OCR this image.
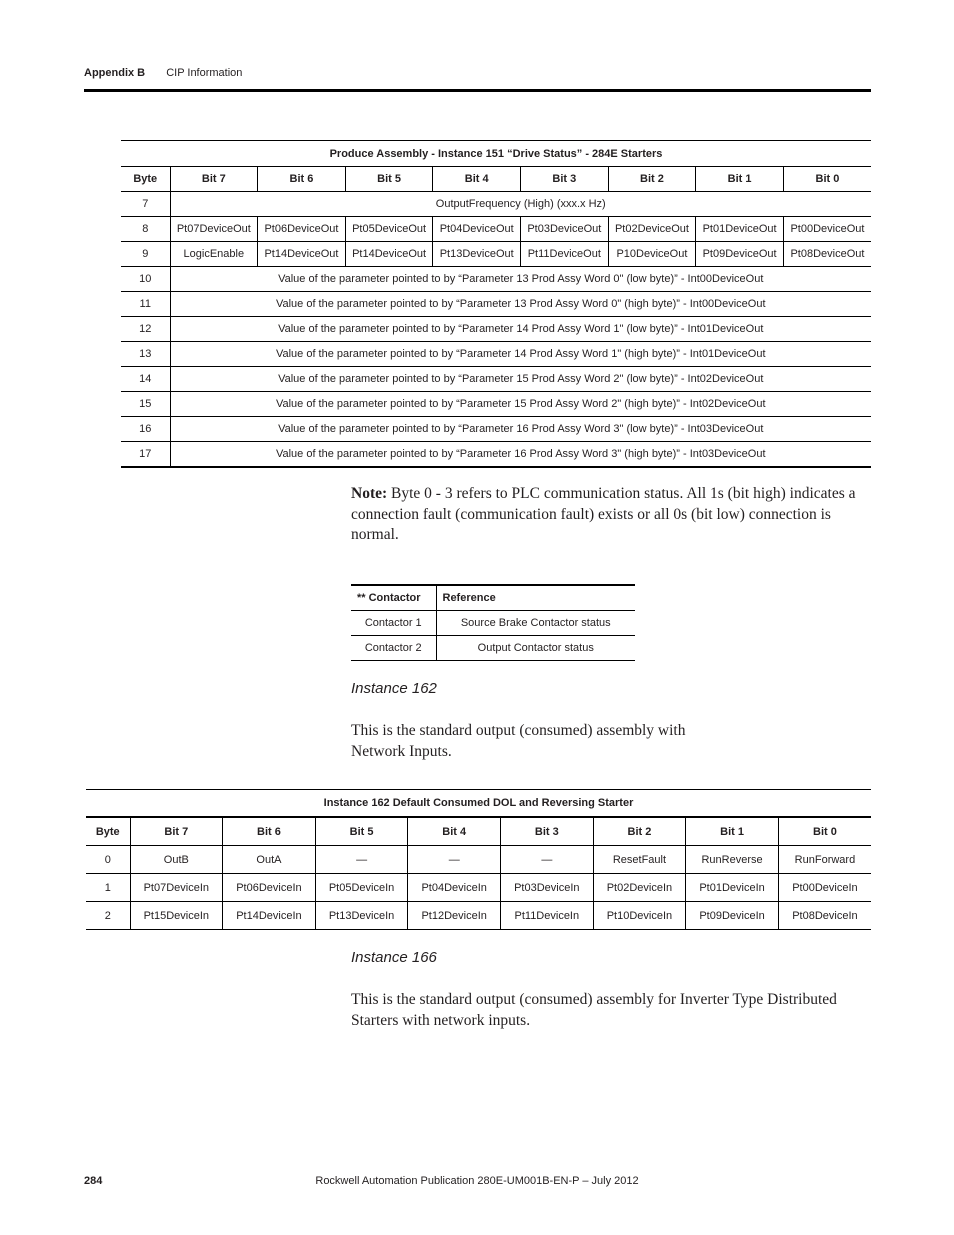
Appendix B CIP Information
Produce Assembly - Instance 151 “Drive Status” - 284E Starters								
Byte	Bit 7	Bit 6	Bit 5	Bit 4	Bit 3	Bit 2	Bit 1	Bit 0
7	OutputFrequency (High) (xxx.x Hz)							
8	Pt07DeviceOut	Pt06DeviceOut	Pt05DeviceOut	Pt04DeviceOut	Pt03DeviceOut	Pt02DeviceOut	Pt01DeviceOut	Pt00DeviceOut
9	LogicEnable	Pt14DeviceOut	Pt14DeviceOut	Pt13DeviceOut	Pt11DeviceOut	P10DeviceOut	Pt09DeviceOut	Pt08DeviceOut
10	Value of the parameter pointed to by “Parameter 13 Prod Assy Word 0" (low byte)” - Int00DeviceOut							
11	Value of the parameter pointed to by “Parameter 13 Prod Assy Word 0" (high byte)” - Int00DeviceOut							
12	Value of the parameter pointed to by “Parameter 14 Prod Assy Word 1" (low byte)” - Int01DeviceOut							
13	Value of the parameter pointed to by “Parameter 14 Prod Assy Word 1" (high byte)” - Int01DeviceOut							
14	Value of the parameter pointed to by “Parameter 15 Prod Assy Word 2" (low byte)” - Int02DeviceOut							
15	Value of the parameter pointed to by “Parameter 15 Prod Assy Word 2" (high byte)” - Int02DeviceOut							
16	Value of the parameter pointed to by “Parameter 16 Prod Assy Word 3" (low byte)” - Int03DeviceOut							
17	Value of the parameter pointed to by “Parameter 16 Prod Assy Word 3" (high byte)” - Int03DeviceOut							
Note: Byte 0 - 3 refers to PLC communication status. All 1s (bit high) indicates a connection fault (communication fault) exists or all 0s (bit low) connection is normal.
** Contactor	Reference
Contactor 1	Source Brake Contactor status
Contactor 2	Output Contactor status
Instance 162
This is the standard output (consumed) assembly with Network Inputs.
Instance 162 Default Consumed DOL and Reversing Starter								
Byte	Bit 7	Bit 6	Bit 5	Bit 4	Bit 3	Bit 2	Bit 1	Bit 0
0	OutB	OutA	—	—	—	ResetFault	RunReverse	RunForward
1	Pt07DeviceIn	Pt06DeviceIn	Pt05DeviceIn	Pt04DeviceIn	Pt03DeviceIn	Pt02DeviceIn	Pt01DeviceIn	Pt00DeviceIn
2	Pt15DeviceIn	Pt14DeviceIn	Pt13DeviceIn	Pt12DeviceIn	Pt11DeviceIn	Pt10DeviceIn	Pt09DeviceIn	Pt08DeviceIn
Instance 166
This is the standard output (consumed) assembly for Inverter Type Distributed Starters with network inputs.
284	Rockwell Automation Publication 280E-UM001B-EN-P – July 2012
